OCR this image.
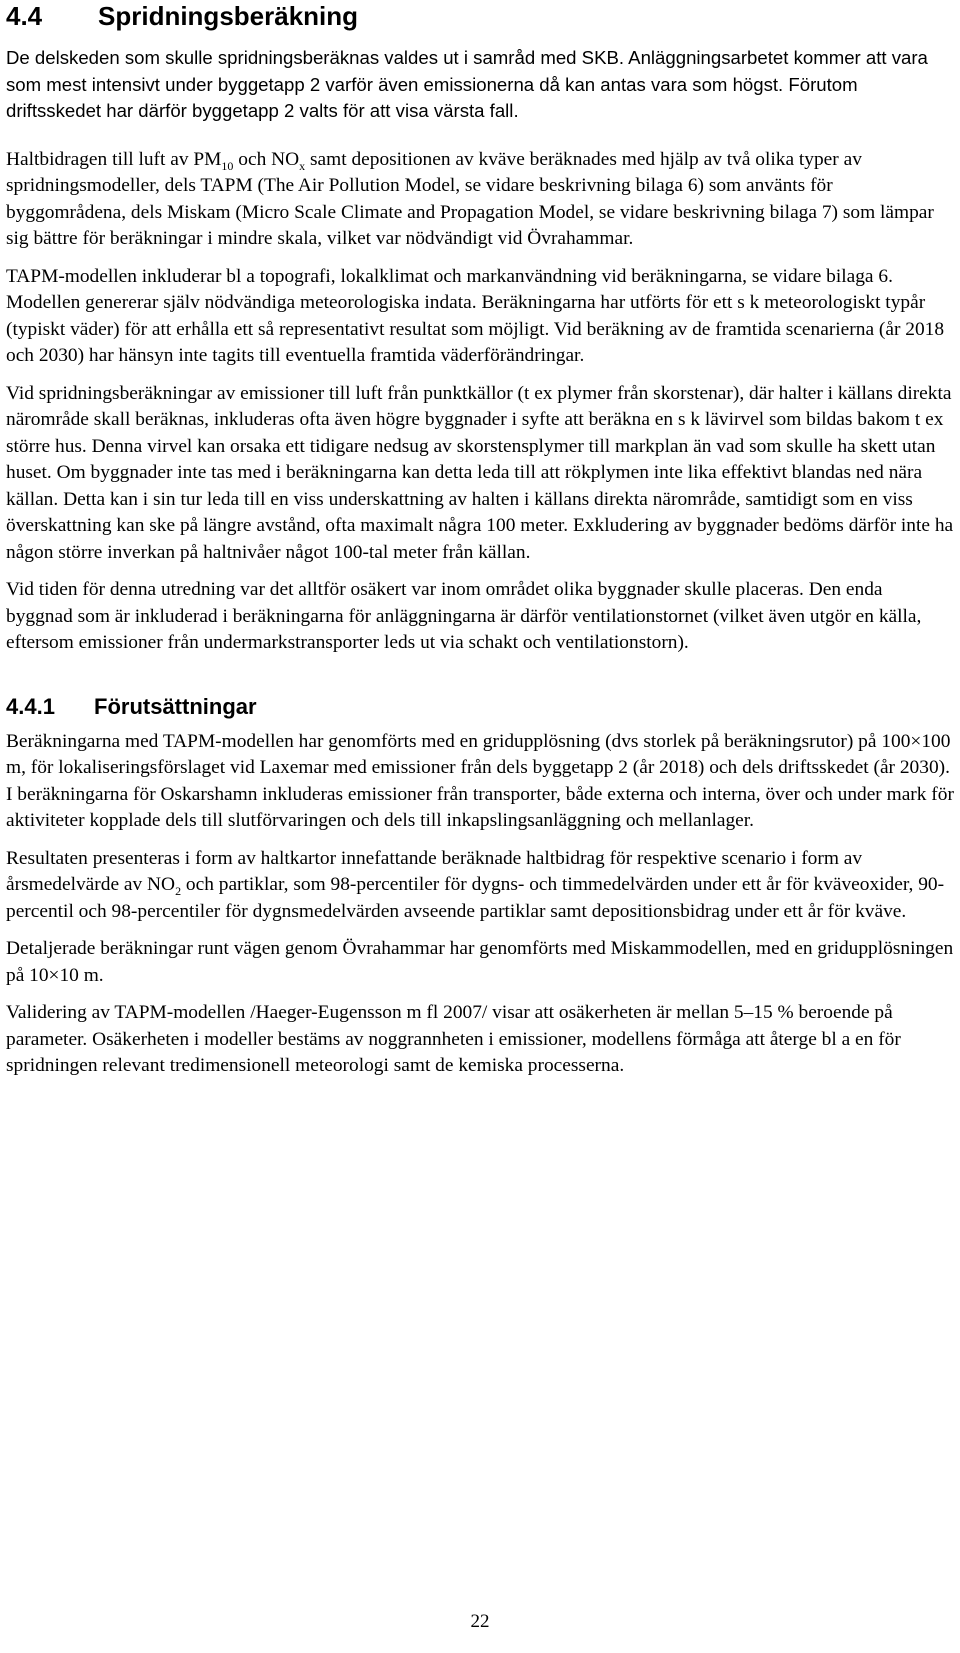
4.4 Spridningsberäkning

De delskeden som skulle spridningsberäknas valdes ut i samråd med SKB. Anläggningsarbetet kommer att vara som mest intensivt under byggetapp 2 varför även emissionerna då kan antas vara som högst. Förutom driftsskedet har därför byggetapp 2 valts för att visa värsta fall.

Haltbidragen till luft av $PM_{10}$ och $NO_x$ samt depositionen av kväve beräknades med hjälp av två olika typer av spridningsmodeller, dels TAPM (The Air Pollution Model, se vidare beskrivning bilaga 6) som använts för byggområdena, dels Miskam (Micro Scale Climate and Propagation Model, se vidare beskrivning bilaga 7) som lämpar sig bättre för beräkningar i mindre skala, vilket var nödvändigt vid Övrahammar.

TAPM-modellen inkluderar bl a topografi, lokalklimat och markanvändning vid beräkningarna, se vidare bilaga 6. Modellen genererar själv nödvändiga meteorologiska indata. Beräkningarna har utförts för ett s k meteorologiskt typår (typiskt väder) för att erhålla ett så representativt resultat som möjligt. Vid beräkning av de framtida scenarierna (år 2018 och 2030) har hänsyn inte tagits till eventuella framtida väderförändringar.

Vid spridningsberäkningar av emissioner till luft från punktkällor (t ex plymer från skorstenar), där halter i källans direkta närområde skall beräknas, inkluderas ofta även högre byggnader i syfte att beräkna en s k lävirvel som bildas bakom t ex större hus. Denna virvel kan orsaka ett tidigare nedsug av skorstensplymer till markplan än vad som skulle ha skett utan huset. Om byggnader inte tas med i beräkningarna kan detta leda till att rökplymen inte lika effektivt blandas ned nära källan. Detta kan i sin tur leda till en viss underskattning av halten i källans direkta närområde, samtidigt som en viss överskattning kan ske på längre avstånd, ofta maximalt några 100 meter. Exkludering av byggnader bedöms därför inte ha någon större inverkan på haltnivåer något 100-tal meter från källan.

Vid tiden för denna utredning var det alltför osäkert var inom området olika byggnader skulle placeras. Den enda byggnad som är inkluderad i beräkningarna för anläggningarna är därför ventilationstornet (vilket även utgör en källa, eftersom emissioner från undermarkstransporter leds ut via schakt och ventilationstorn).

4.4.1 Förutsättningar

Beräkningarna med TAPM-modellen har genomförts med en gridupplösning (dvs storlek på beräkningsrutor) på 100×100 m, för lokaliseringsförslaget vid Laxemar med emissioner från dels byggetapp 2 (år 2018) och dels driftsskedet (år 2030). I beräkningarna för Oskarshamn inkluderas emissioner från transporter, både externa och interna, över och under mark för aktiviteter kopplade dels till slutförvaringen och dels till inkapslingsanläggning och mellanlager.

Resultaten presenteras i form av haltkartor innefattande beräknade haltbidrag för respektive scenario i form av årsmedelvärde av $NO_2$ och partiklar, som 98-percentiler för dygns- och timmedelvärden under ett år för kväveoxider, 90-percentil och 98-percentiler för dygnsmedelvärden avseende partiklar samt depositionsbidrag under ett år för kväve.

Detaljerade beräkningar runt vägen genom Övrahammar har genomförts med Miskammodellen, med en gridupplösningen på 10×10 m.

Validering av TAPM-modellen /Haeger-Eugensson m fl 2007/ visar att osäkerheten är mellan 5–15 % beroende på parameter. Osäkerheten i modeller bestäms av noggrannheten i emissioner, modellens förmåga att återge bl a en för spridningen relevant tredimensionell meteorologi samt de kemiska processerna.

22
